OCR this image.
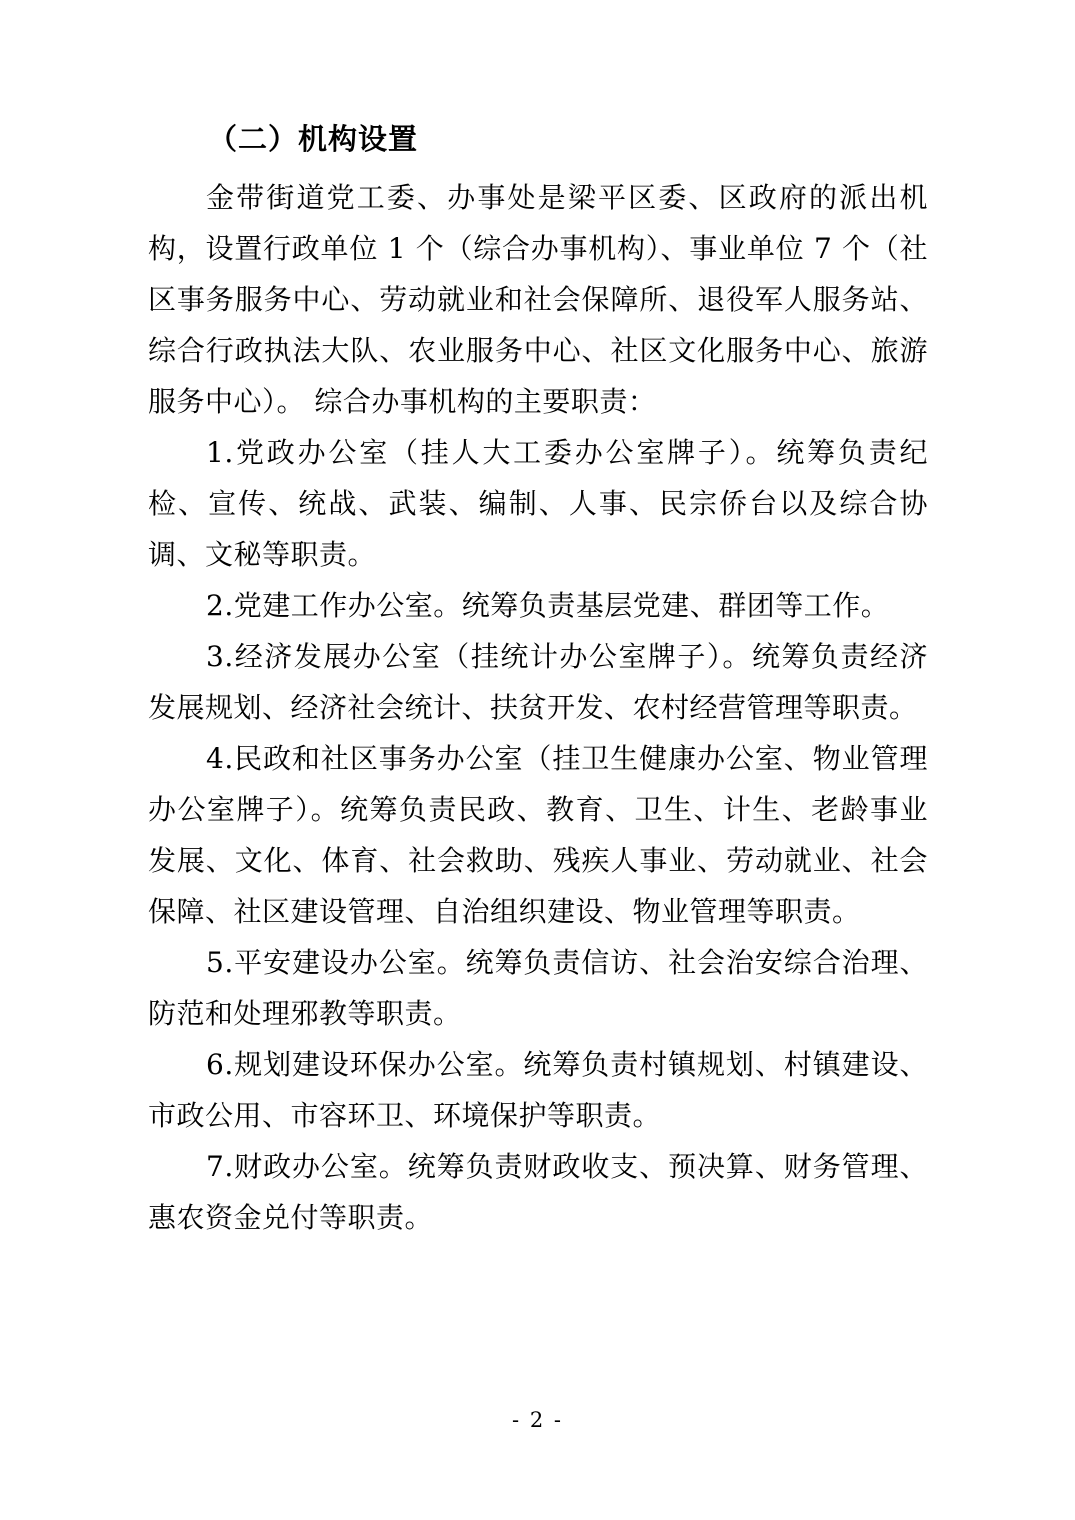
（二）机构设置

金带街道党工委、办事处是梁平区委、区政府的派出机构，设置行政单位 1 个（综合办事机构）、事业单位 7 个（社区事务服务中心、劳动就业和社会保障所、退役军人服务站、综合行政执法大队、农业服务中心、社区文化服务中心、旅游服务中心）。 综合办事机构的主要职责：

1.党政办公室（挂人大工委办公室牌子）。统筹负责纪检、宣传、统战、武装、编制、人事、民宗侨台以及综合协调、文秘等职责。

2.党建工作办公室。统筹负责基层党建、群团等工作。

3.经济发展办公室（挂统计办公室牌子）。统筹负责经济发展规划、经济社会统计、扶贫开发、农村经营管理等职责。

4.民政和社区事务办公室（挂卫生健康办公室、物业管理办公室牌子）。统筹负责民政、教育、卫生、计生、老龄事业发展、文化、体育、社会救助、残疾人事业、劳动就业、社会保障、社区建设管理、自治组织建设、物业管理等职责。

5.平安建设办公室。统筹负责信访、社会治安综合治理、防范和处理邪教等职责。

6.规划建设环保办公室。统筹负责村镇规划、村镇建设、市政公用、市容环卫、环境保护等职责。

7.财政办公室。统筹负责财政收支、预决算、财务管理、惠农资金兑付等职责。

- 2 -
